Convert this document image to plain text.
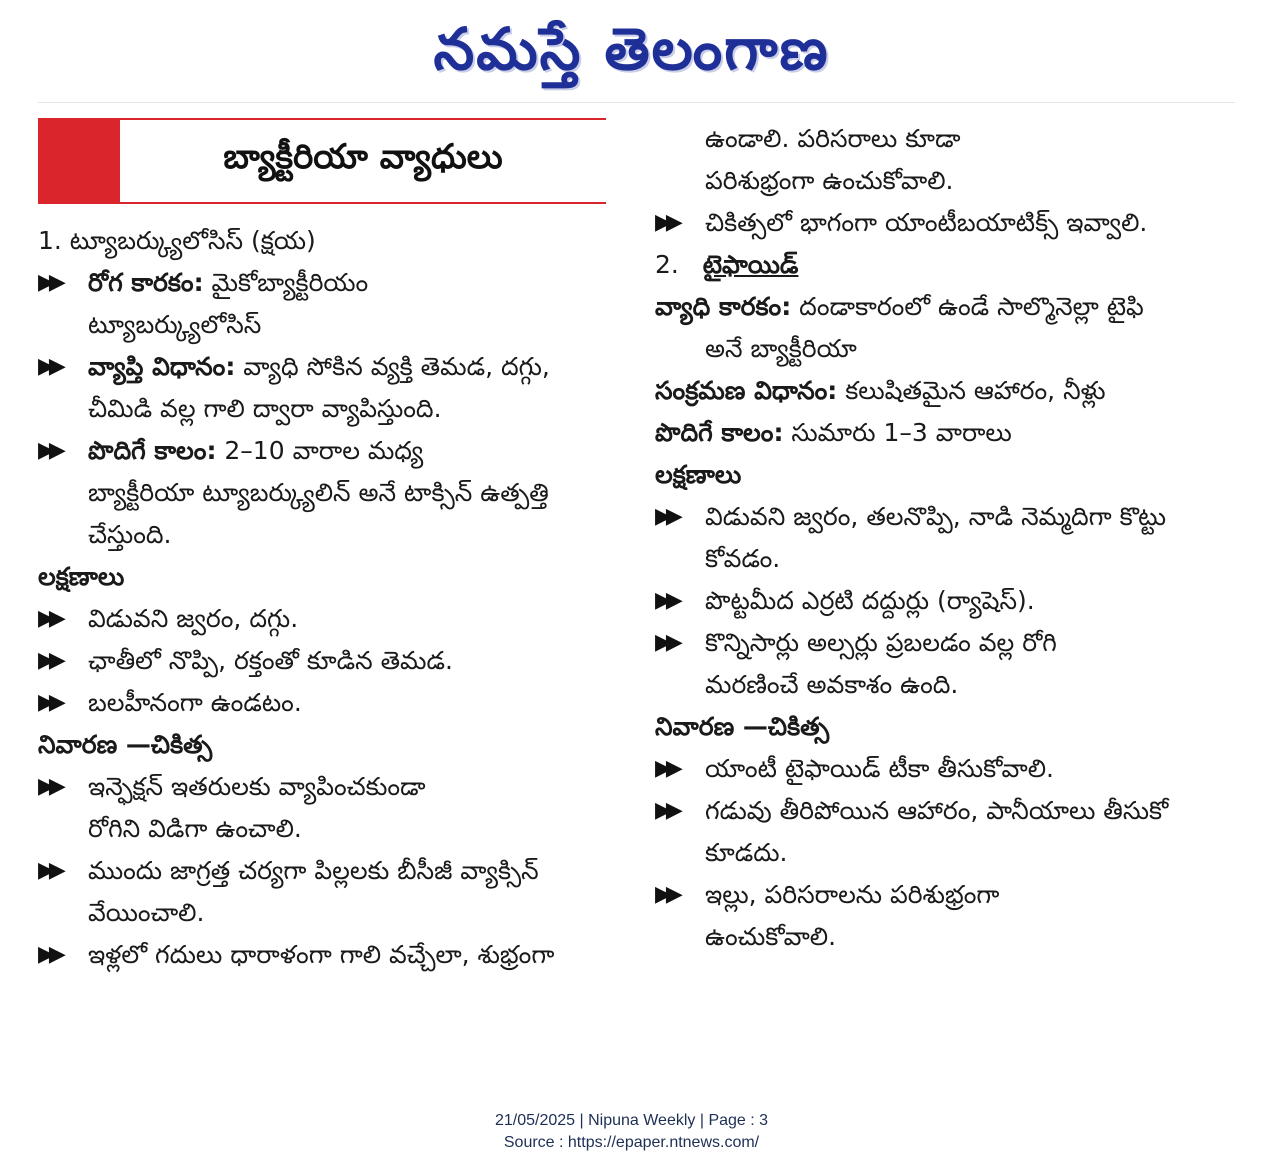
నమస్తే తెలంగాణ
బ్యాక్టీరియా వ్యాధులు
1. ట్యూబర్క్యులోసిస్ (క్షయ)
▶▶	రోగ కారకం: మైకోబ్యాక్టీరియం
ట్యూబర్క్యులోసిస్
▶▶	వ్యాప్తి విధానం: వ్యాధి సోకిన వ్యక్తి తెమడ, దగ్గు,
చీమిడి వల్ల గాలి ద్వారా వ్యాపిస్తుంది.
▶▶	పొదిగే కాలం: 2–10 వారాల మధ్య
బ్యాక్టీరియా ట్యూబర్క్యులిన్ అనే టాక్సిన్ ఉత్పత్తి
చేస్తుంది.
లక్షణాలు
▶▶	విడువని జ్వరం, దగ్గు.
▶▶	ఛాతీలో నొప్పి, రక్తంతో కూడిన తెమడ.
▶▶	బలహీనంగా ఉండటం.
నివారణ —చికిత్స
▶▶	ఇన్ఫెక్షన్ ఇతరులకు వ్యాపించకుండా
రోగిని విడిగా ఉంచాలి.
▶▶	ముందు జాగ్రత్త చర్యగా పిల్లలకు బీసీజీ వ్యాక్సిన్
వేయించాలి.
▶▶	ఇళ్లలో గదులు ధారాళంగా గాలి వచ్చేలా, శుభ్రంగా
ఉండాలి. పరిసరాలు కూడా
పరిశుభ్రంగా ఉంచుకోవాలి.
▶▶	చికిత్సలో భాగంగా యాంటీబయాటిక్స్ ఇవ్వాలి.
2. టైఫాయిడ్
వ్యాధి కారకం: దండాకారంలో ఉండే సాల్మొనెల్లా టైఫి
అనే బ్యాక్టీరియా
సంక్రమణ విధానం: కలుషితమైన ఆహారం, నీళ్లు
పొదిగే కాలం: సుమారు 1–3 వారాలు
లక్షణాలు
▶▶	విడువని జ్వరం, తలనొప్పి, నాడి నెమ్మదిగా కొట్టు
కోవడం.
▶▶	పొట్టమీద ఎర్రటి దద్దుర్లు (ర్యాషెస్).
▶▶	కొన్నిసార్లు అల్సర్లు ప్రబలడం వల్ల రోగి
మరణించే అవకాశం ఉంది.
నివారణ —చికిత్స
▶▶	యాంటీ టైఫాయిడ్ టీకా తీసుకోవాలి.
▶▶	గడువు తీరిపోయిన ఆహారం, పానీయాలు తీసుకో
కూడదు.
▶▶	ఇల్లు, పరిసరాలను పరిశుభ్రంగా
ఉంచుకోవాలి.
21/05/2025 | Nipuna Weekly | Page : 3
Source : https://epaper.ntnews.com/
